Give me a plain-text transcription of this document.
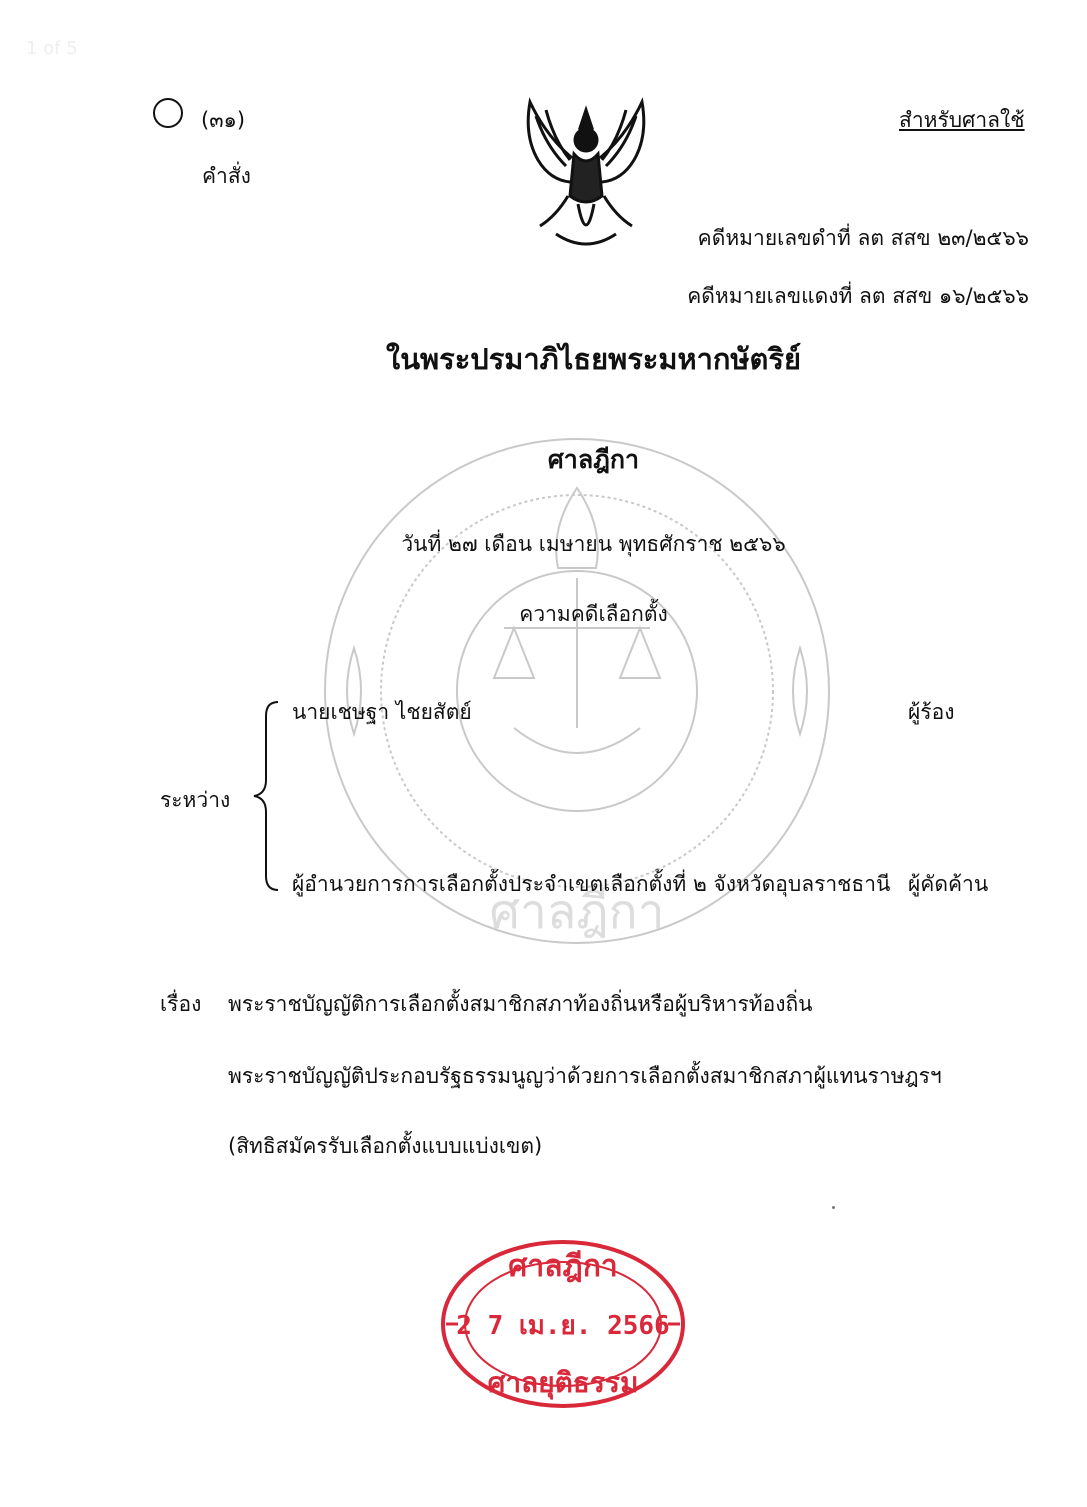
1 of 5
(๓๑)
คำสั่ง
สำหรับศาลใช้
คดีหมายเลขดำที่ ลต สสข ๒๓/๒๕๖๖
คดีหมายเลขแดงที่ ลต สสข ๑๖/๒๕๖๖
ในพระปรมาภิไธยพระมหากษัตริย์
ศาลฎีกา
ศาลฎีกา
วันที่ ๒๗ เดือน เมษายน พุทธศักราช ๒๕๖๖
ความคดีเลือกตั้ง
ระหว่าง
นายเชษฐา ไชยสัตย์	ผู้ร้อง
ผู้อำนวยการการเลือกตั้งประจำเขตเลือกตั้งที่ ๒ จังหวัดอุบลราชธานี ผู้คัดค้าน
เรื่อง พระราชบัญญัติการเลือกตั้งสมาชิกสภาท้องถิ่นหรือผู้บริหารท้องถิ่น
พระราชบัญญัติประกอบรัฐธรรมนูญว่าด้วยการเลือกตั้งสมาชิกสภาผู้แทนราษฎรฯ
(สิทธิสมัครรับเลือกตั้งแบบแบ่งเขต)
ศาลฎีกา
2 7 เม.ย. 2566
ศาลยุติธรรม
